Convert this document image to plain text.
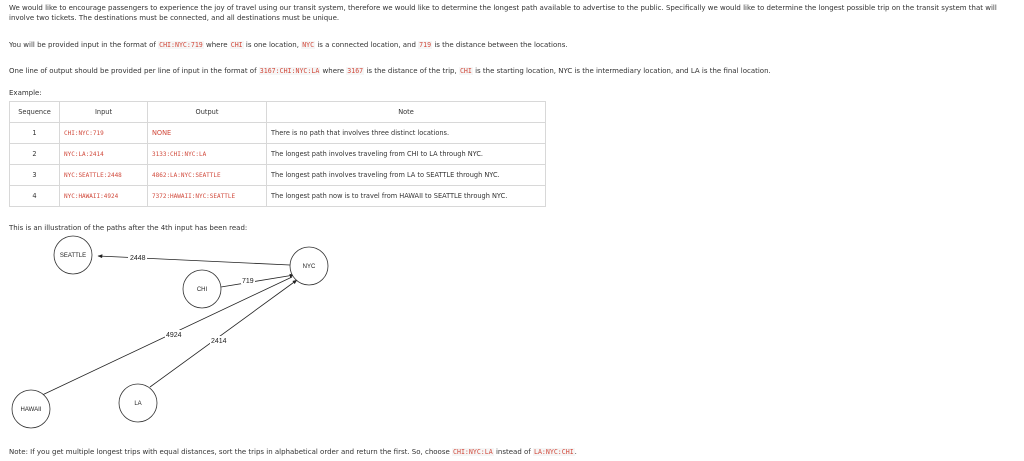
We would like to encourage passengers to experience the joy of travel using our transit system, therefore we would like to determine the longest path available to advertise to the public. Specifically we would like to determine the longest possible trip on the transit system that will
involve two tickets. The destinations must be connected, and all destinations must be unique.
You will be provided input in the format of CHI:NYC:719 where CHI is one location, NYC is a connected location, and 719 is the distance between the locations.
One line of output should be provided per line of input in the format of 3167:CHI:NYC:LA where 3167 is the distance of the trip, CHI is the starting location, NYC is the intermediary location, and LA is the final location.
Example:
Sequence	Input	Output	Note
1	CHI:NYC:719	NONE	There is no path that involves three distinct locations.
2	NYC:LA:2414	3133:CHI:NYC:LA	The longest path involves traveling from CHI to LA through NYC.
3	NYC:SEATTLE:2448	4862:LA:NYC:SEATTLE	The longest path involves traveling from LA to SEATTLE through NYC.
4	NYC:HAWAII:4924	7372:HAWAII:NYC:SEATTLE	The longest path now is to travel from HAWAII to SEATTLE through NYC.
This is an illustration of the paths after the 4th input has been read:
2448
719
4924
2414
SEATTLE
NYC
CHI
HAWAII
LA
Note: If you get multiple longest trips with equal distances, sort the trips in alphabetical order and return the first. So, choose CHI:NYC:LA instead of LA:NYC:CHI.
